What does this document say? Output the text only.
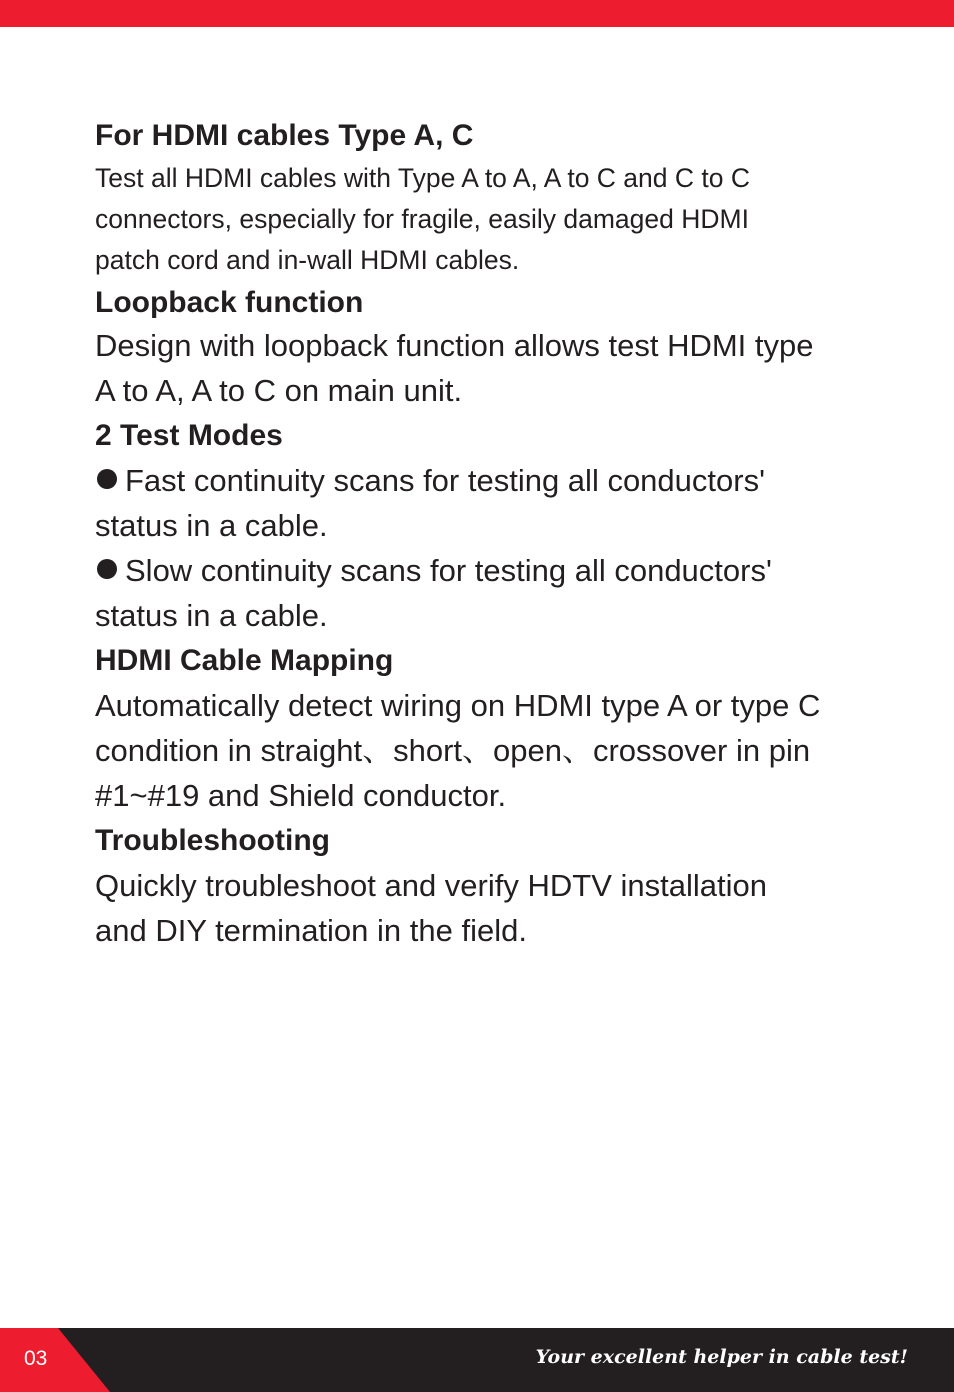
For HDMI cables Type A, C

Test all HDMI cables with Type A to A, A to C and C to C

connectors, especially for fragile, easily damaged HDMI

patch cord and in-wall HDMI cables.

Loopback function

Design with loopback function allows test HDMI type

A to A, A to C on main unit.

2 Test Modes

Fast continuity scans for testing all conductors'

status in a cable.

Slow continuity scans for testing all conductors'

status in a cable.

HDMI Cable Mapping

Automatically detect wiring on HDMI type A or type C

condition in straight、short、open、crossover in pin

#1~#19 and Shield conductor.

Troubleshooting

Quickly troubleshoot and verify HDTV installation

and DIY termination in the field.

03	Your excellent helper in cable test!
